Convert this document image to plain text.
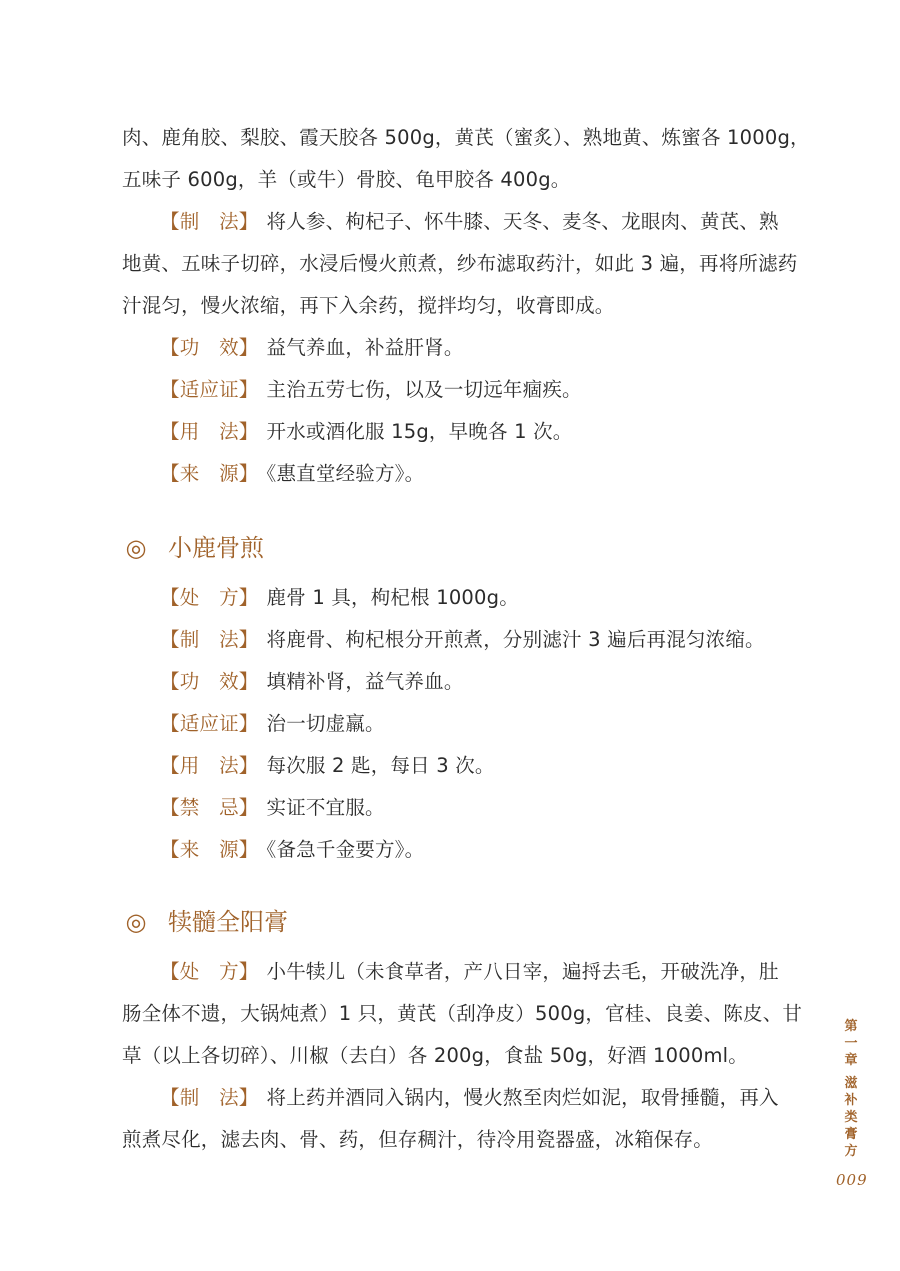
肉、鹿角胶、梨胶、霞天胶各 500g，黄芪（蜜炙）、熟地黄、炼蜜各 1000g，
五味子 600g，羊（或牛）骨胶、龟甲胶各 400g。
【制　法】 将人参、枸杞子、怀牛膝、天冬、麦冬、龙眼肉、黄芪、熟
地黄、五味子切碎，水浸后慢火煎煮，纱布滤取药汁，如此 3 遍，再将所滤药
汁混匀，慢火浓缩，再下入余药，搅拌均匀，收膏即成。
【功　效】 益气养血，补益肝肾。
【适应证】 主治五劳七伤，以及一切远年痼疾。
【用　法】 开水或酒化服 15g，早晚各 1 次。
【来　源】 《惠直堂经验方》。
◎ 小鹿骨煎
【处　方】 鹿骨 1 具，枸杞根 1000g。
【制　法】 将鹿骨、枸杞根分开煎煮，分别滤汁 3 遍后再混匀浓缩。
【功　效】 填精补肾，益气养血。
【适应证】 治一切虚羸。
【用　法】 每次服 2 匙，每日 3 次。
【禁　忌】 实证不宜服。
【来　源】 《备急千金要方》。
◎ 犊髓全阳膏
【处　方】 小牛犊儿（未食草者，产八日宰，遍捋去毛，开破洗净，肚
肠全体不遗，大锅炖煮）1 只，黄芪（刮净皮）500g，官桂、良姜、陈皮、甘
草（以上各切碎）、川椒（去白）各 200g，食盐 50g，好酒 1000ml。
【制　法】 将上药并酒同入锅内，慢火熬至肉烂如泥，取骨捶髓，再入
煎煮尽化，滤去肉、骨、药，但存稠汁，待冷用瓷器盛，冰箱保存。
第
一
章
滋
补
类
膏
方
009
